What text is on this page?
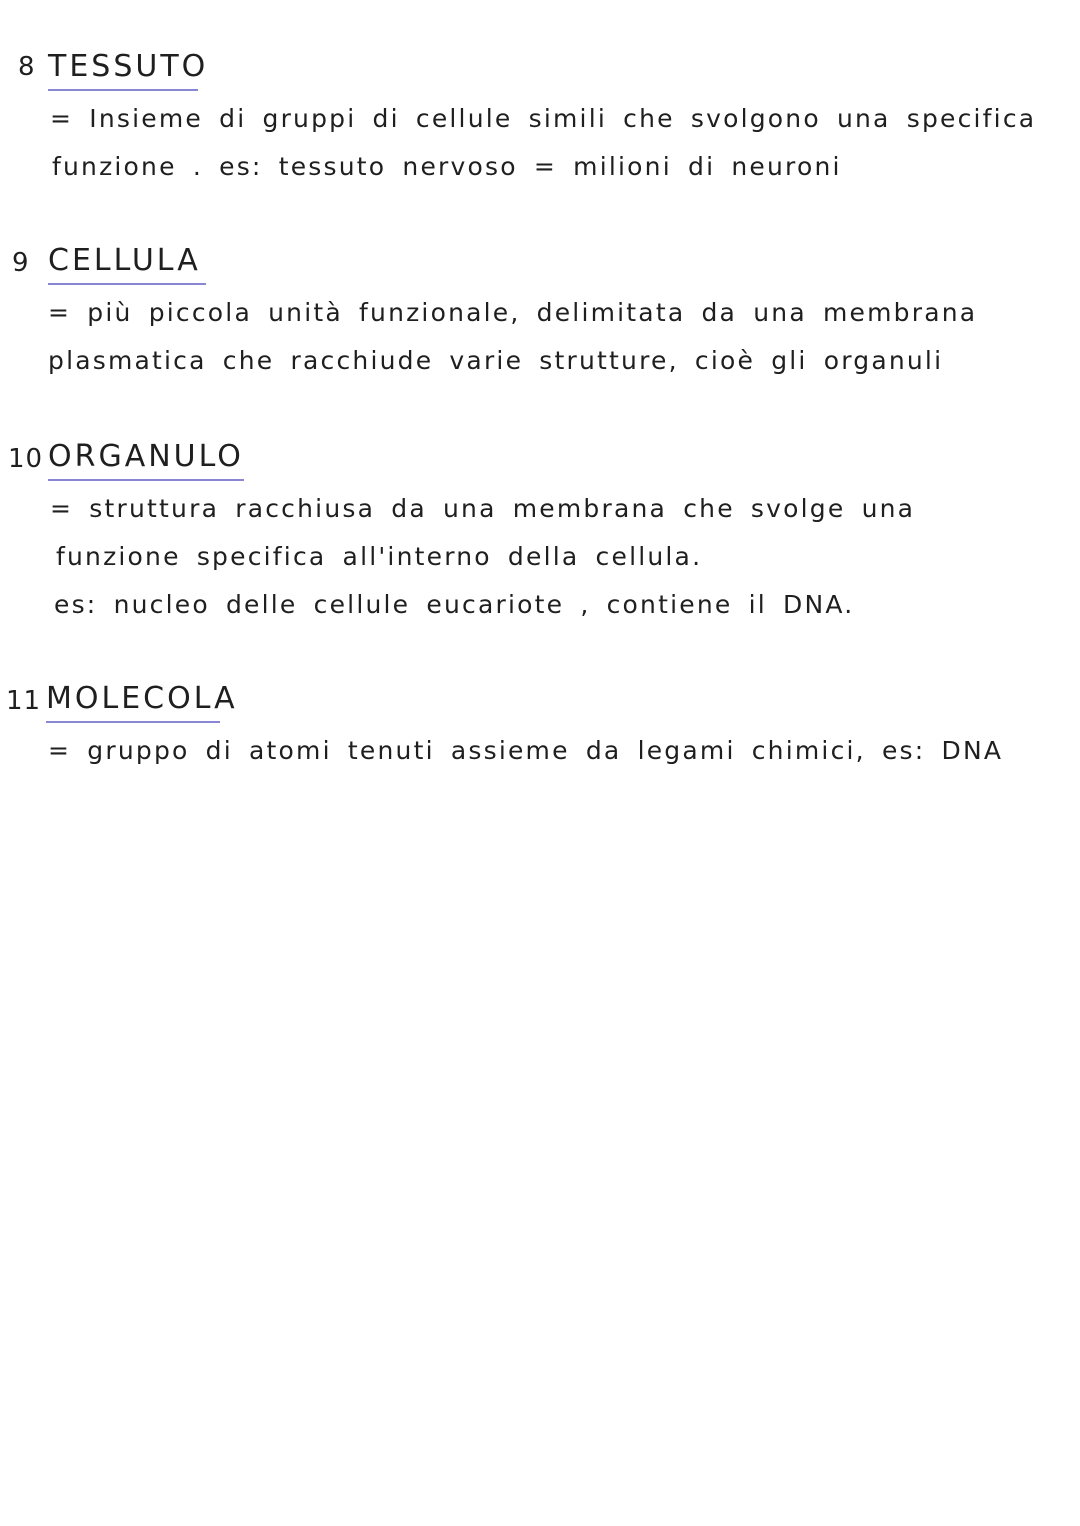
8 TESSUTO
= Insieme di gruppi di cellule simili che svolgono una specifica
funzione . es: tessuto nervoso = milioni di neuroni
9 CELLULA
= più piccola unità funzionale, delimitata da una membrana
plasmatica che racchiude varie strutture, cioè gli organuli
10 ORGANULO
= struttura racchiusa da una membrana che svolge una
funzione specifica all'interno della cellula.
es: nucleo delle cellule eucariote , contiene il DNA.
11 MOLECOLA
= gruppo di atomi tenuti assieme da legami chimici, es: DNA
